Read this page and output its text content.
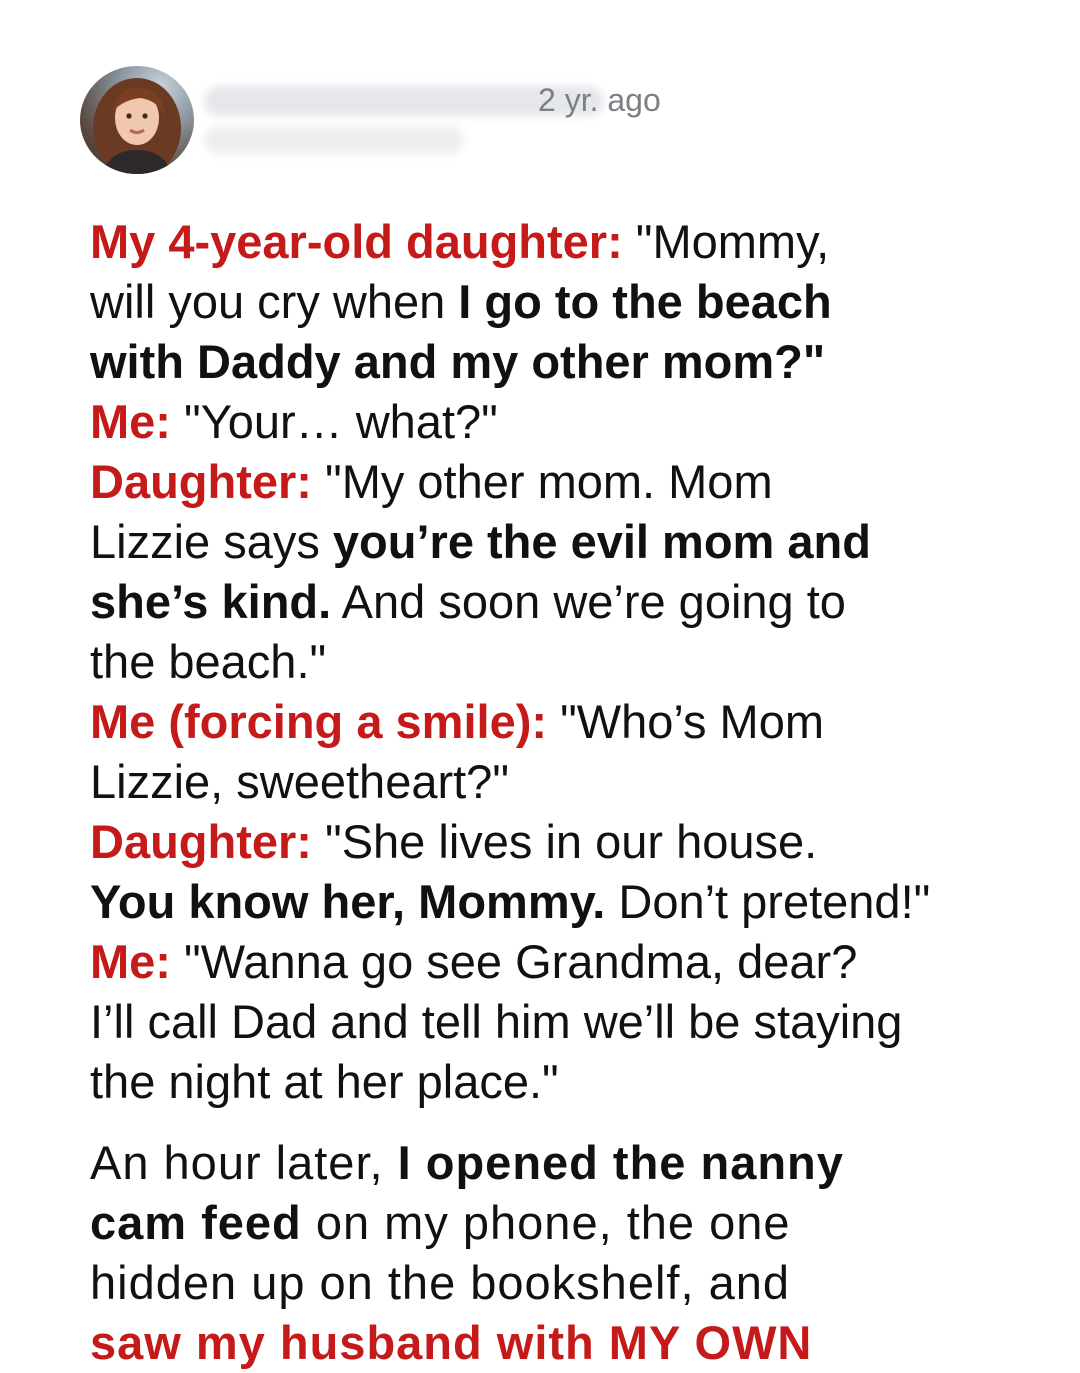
2 yr. ago
My 4-year-old daughter: "Mommy,
will you cry when I go to the beach
with Daddy and my other mom?"
Me: "Your… what?"
Daughter: "My other mom. Mom
Lizzie says you’re the evil mom and
she’s kind. And soon we’re going to
the beach."
Me (forcing a smile): "Who’s Mom
Lizzie, sweetheart?"
Daughter: "She lives in our house.
You know her, Mommy. Don’t pretend!"
Me: "Wanna go see Grandma, dear?
I’ll call Dad and tell him we’ll be staying
the night at her place."
An hour later, I opened the nanny
cam feed on my phone, the one
hidden up on the bookshelf, and
saw my husband with MY OWN
